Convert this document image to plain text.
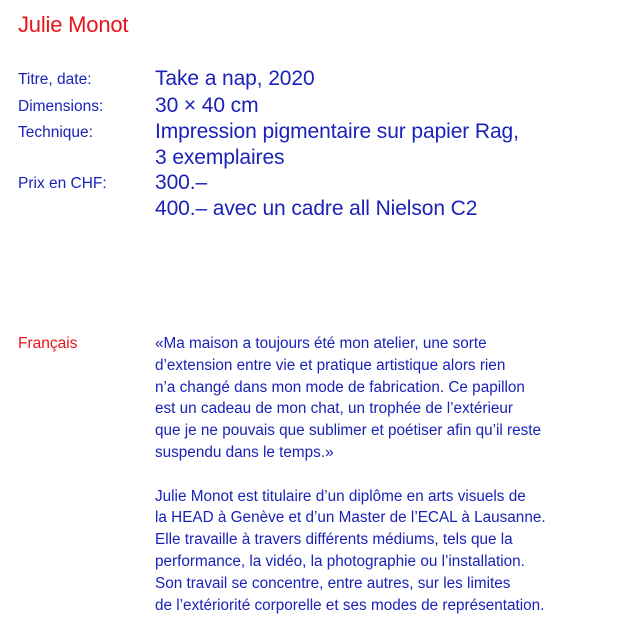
Julie Monot
Titre, date:	Take a nap, 2020
Dimensions:	30 × 40 cm
Technique:	Impression pigmentaire sur papier Rag,
3 exemplaires
Prix en CHF:	300.–
400.– avec un cadre all Nielson C2
Français	«Ma maison a toujours été mon atelier, une sorte
d’extension entre vie et pratique artistique alors rien
n’a changé dans mon mode de fabrication. Ce papillon
est un cadeau de mon chat, un trophée de l’extérieur
que je ne pouvais que sublimer et poétiser afin qu’il reste
suspendu dans le temps.»

Julie Monot est titulaire d’un diplôme en arts visuels de
la HEAD à Genève et d’un Master de l’ECAL à Lausanne.
Elle travaille à travers différents médiums, tels que la
performance, la vidéo, la photographie ou l’installation.
Son travail se concentre, entre autres, sur les limites
de l’extériorité corporelle et ses modes de représentation.
